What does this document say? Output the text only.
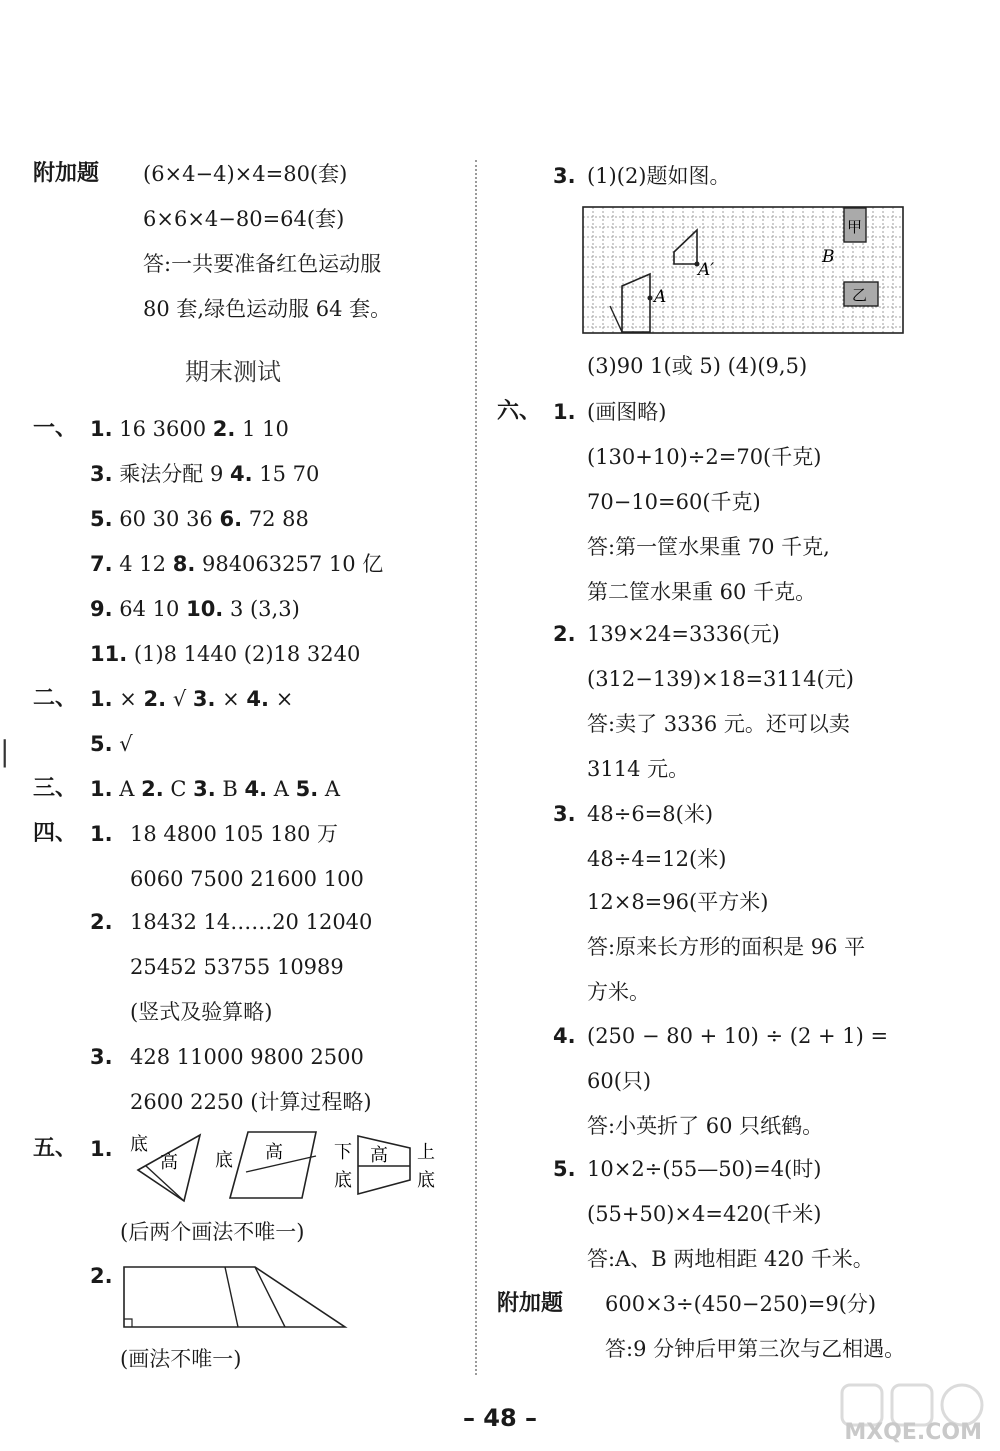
|
附加题 (6×4−4)×4=80(套)
6×6×4−80=64(套)
答:一共要准备红色运动服
80 套,绿色运动服 64 套。
期末测试
一、 1. 16 3600 2. 1 10
3. 乘法分配 9 4. 15 70
5. 60 30 36 6. 72 88
7. 4 12 8. 984063257 10 亿
9. 64 10 10. 3 (3,3)
11. (1)8 1440 (2)18 3240
二、 1. × 2. √ 3. × 4. ×
5. √
三、 1. A 2. C 3. B 4. A 5. A
四、 1. 18 4800 105 180 万
6060 7500 21600 100
2. 18432 14……20 12040
25452 53755 10989
(竖式及验算略)
3. 428 11000 9800 2500
2600 2250 (计算过程略)
五、 1. 底
高 底 高	下
底
高 上
底
(后两个画法不唯一)
2.
(画法不唯一)
3. (1)(2)题如图。
甲
乙
B
A′
A
(3)90 1(或 5) (4)(9,5)
六、 1. (画图略)
(130+10)÷2=70(千克)
70−10=60(千克)
答:第一筐水果重 70 千克,
第二筐水果重 60 千克。
2. 139×24=3336(元)
(312−139)×18=3114(元)
答:卖了 3336 元。还可以卖
3114 元。
3. 48÷6=8(米)
48÷4=12(米)
12×8=96(平方米)
答:原来长方形的面积是 96 平
方米。
4. (250 − 80 + 10) ÷ (2 + 1) =
60(只)
答:小英折了 60 只纸鹤。
5. 10×2÷(55—50)=4(时)
(55+50)×4=420(千米)
答:A、B 两地相距 420 千米。
附加题 600×3÷(450−250)=9(分)
答:9 分钟后甲第三次与乙相遇。
– 48 –
MXQE.COM
